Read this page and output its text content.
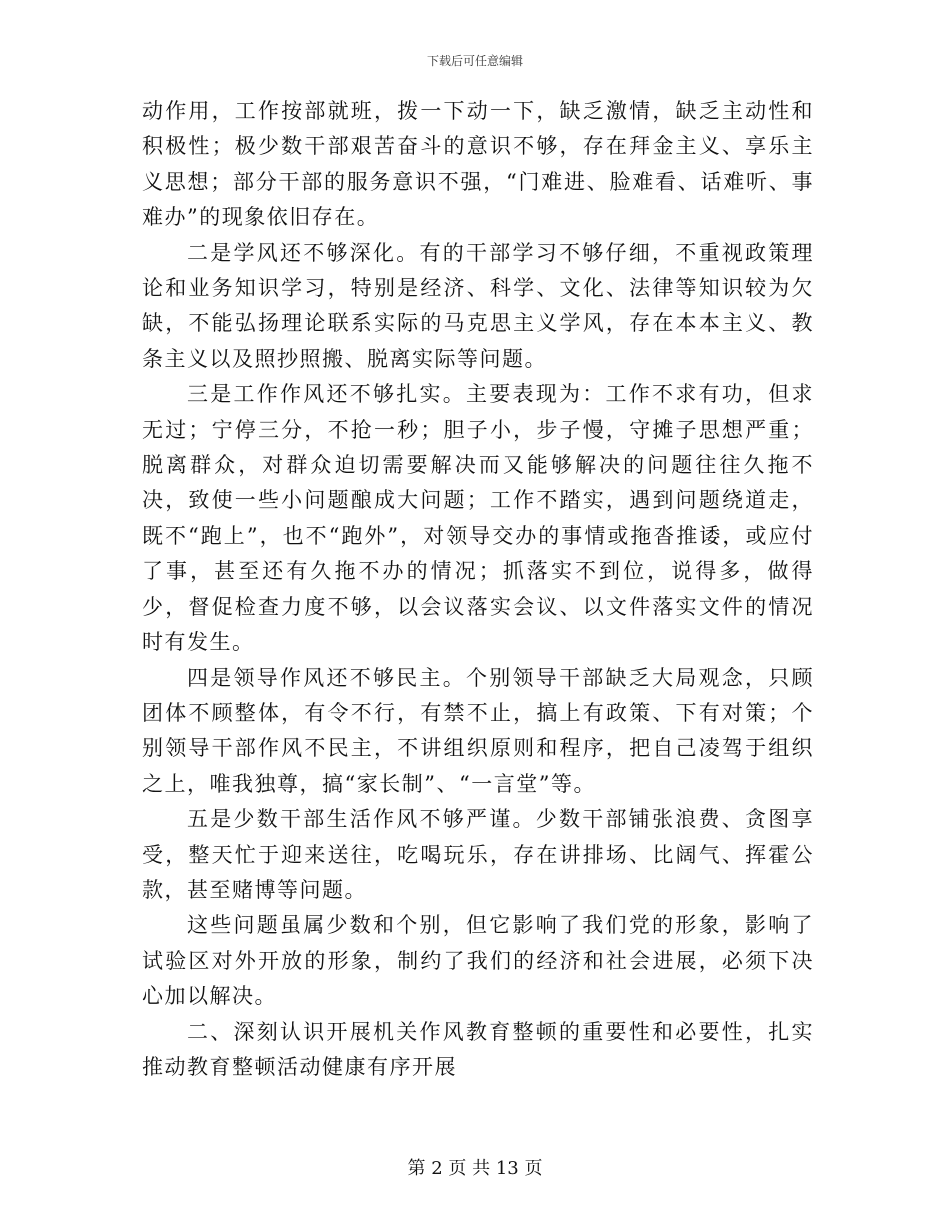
下载后可任意编辑

动作用，工作按部就班，拨一下动一下，缺乏激情，缺乏主动性和积极性；极少数干部艰苦奋斗的意识不够，存在拜金主义、享乐主义思想；部分干部的服务意识不强，“门难进、脸难看、话难听、事难办”的现象依旧存在。

二是学风还不够深化。有的干部学习不够仔细，不重视政策理论和业务知识学习，特别是经济、科学、文化、法律等知识较为欠缺，不能弘扬理论联系实际的马克思主义学风，存在本本主义、教条主义以及照抄照搬、脱离实际等问题。

三是工作作风还不够扎实。主要表现为：工作不求有功，但求无过；宁停三分，不抢一秒；胆子小，步子慢，守摊子思想严重；脱离群众，对群众迫切需要解决而又能够解决的问题往往久拖不决，致使一些小问题酿成大问题；工作不踏实，遇到问题绕道走，既不“跑上”，也不“跑外”，对领导交办的事情或拖沓推诿，或应付了事，甚至还有久拖不办的情况；抓落实不到位，说得多，做得少，督促检查力度不够，以会议落实会议、以文件落实文件的情况时有发生。

四是领导作风还不够民主。个别领导干部缺乏大局观念，只顾团体不顾整体，有令不行，有禁不止，搞上有政策、下有对策；个别领导干部作风不民主，不讲组织原则和程序，把自己凌驾于组织之上，唯我独尊，搞“家长制”、“一言堂”等。

五是少数干部生活作风不够严谨。少数干部铺张浪费、贪图享受，整天忙于迎来送往，吃喝玩乐，存在讲排场、比阔气、挥霍公款，甚至赌博等问题。

这些问题虽属少数和个别，但它影响了我们党的形象，影响了试验区对外开放的形象，制约了我们的经济和社会进展，必须下决心加以解决。

二、深刻认识开展机关作风教育整顿的重要性和必要性，扎实推动教育整顿活动健康有序开展

第 2 页 共 13 页
